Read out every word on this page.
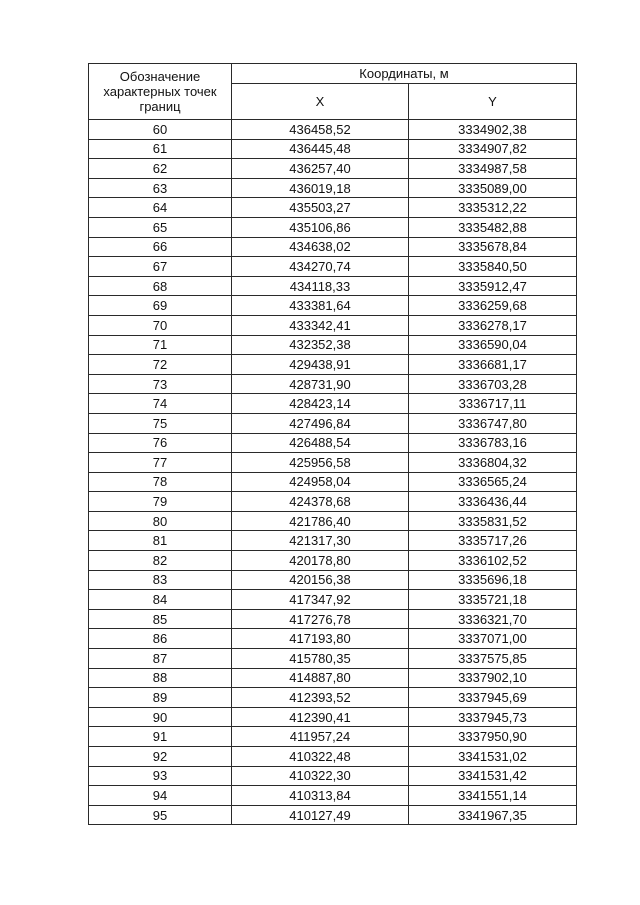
Обозначение характерных точек границ	Координаты, м	
	X	Y
60	436458,52	3334902,38
61	436445,48	3334907,82
62	436257,40	3334987,58
63	436019,18	3335089,00
64	435503,27	3335312,22
65	435106,86	3335482,88
66	434638,02	3335678,84
67	434270,74	3335840,50
68	434118,33	3335912,47
69	433381,64	3336259,68
70	433342,41	3336278,17
71	432352,38	3336590,04
72	429438,91	3336681,17
73	428731,90	3336703,28
74	428423,14	3336717,11
75	427496,84	3336747,80
76	426488,54	3336783,16
77	425956,58	3336804,32
78	424958,04	3336565,24
79	424378,68	3336436,44
80	421786,40	3335831,52
81	421317,30	3335717,26
82	420178,80	3336102,52
83	420156,38	3335696,18
84	417347,92	3335721,18
85	417276,78	3336321,70
86	417193,80	3337071,00
87	415780,35	3337575,85
88	414887,80	3337902,10
89	412393,52	3337945,69
90	412390,41	3337945,73
91	411957,24	3337950,90
92	410322,48	3341531,02
93	410322,30	3341531,42
94	410313,84	3341551,14
95	410127,49	3341967,35
